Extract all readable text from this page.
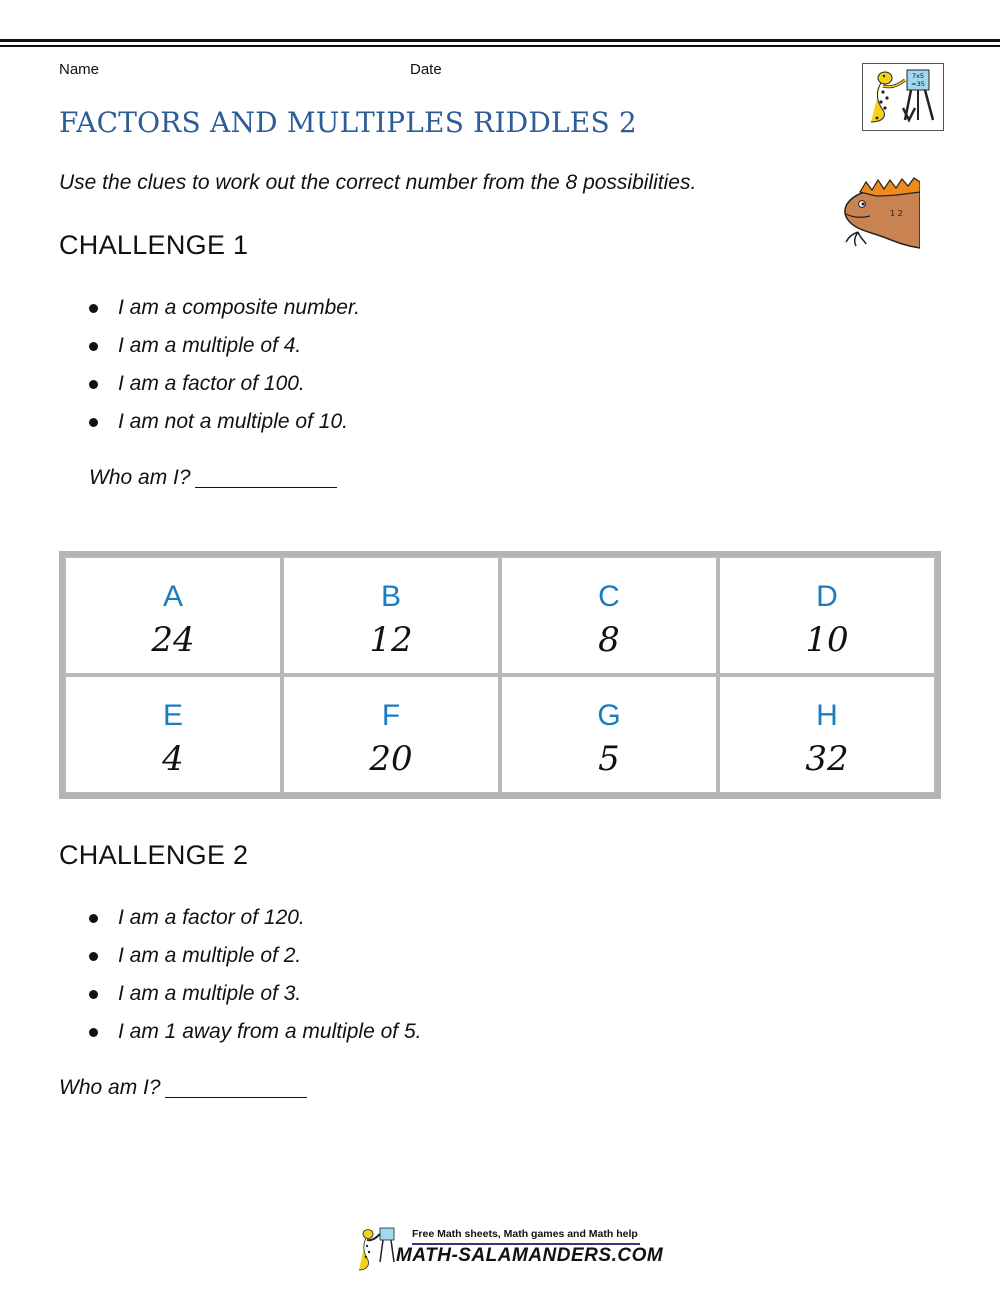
Name	Date
FACTORS AND MULTIPLES RIDDLES 2
7x5
=35

Use the clues to work out the correct number from the 8 possibilities.

1 2
CHALLENGE 1
I am a composite number.
I am a multiple of 4.
I am a factor of 100.
I am not a multiple of 10.

Who am I?

A
24
B
12
C
8
D
10
E
4
F
20
G
5
H
32
CHALLENGE 2
I am a factor of 120.
I am a multiple of 2.
I am a multiple of 3.
I am 1 away from a multiple of 5.

Who am I?

Free Math sheets, Math games and Math help
MATH-SALAMANDERS.COM
